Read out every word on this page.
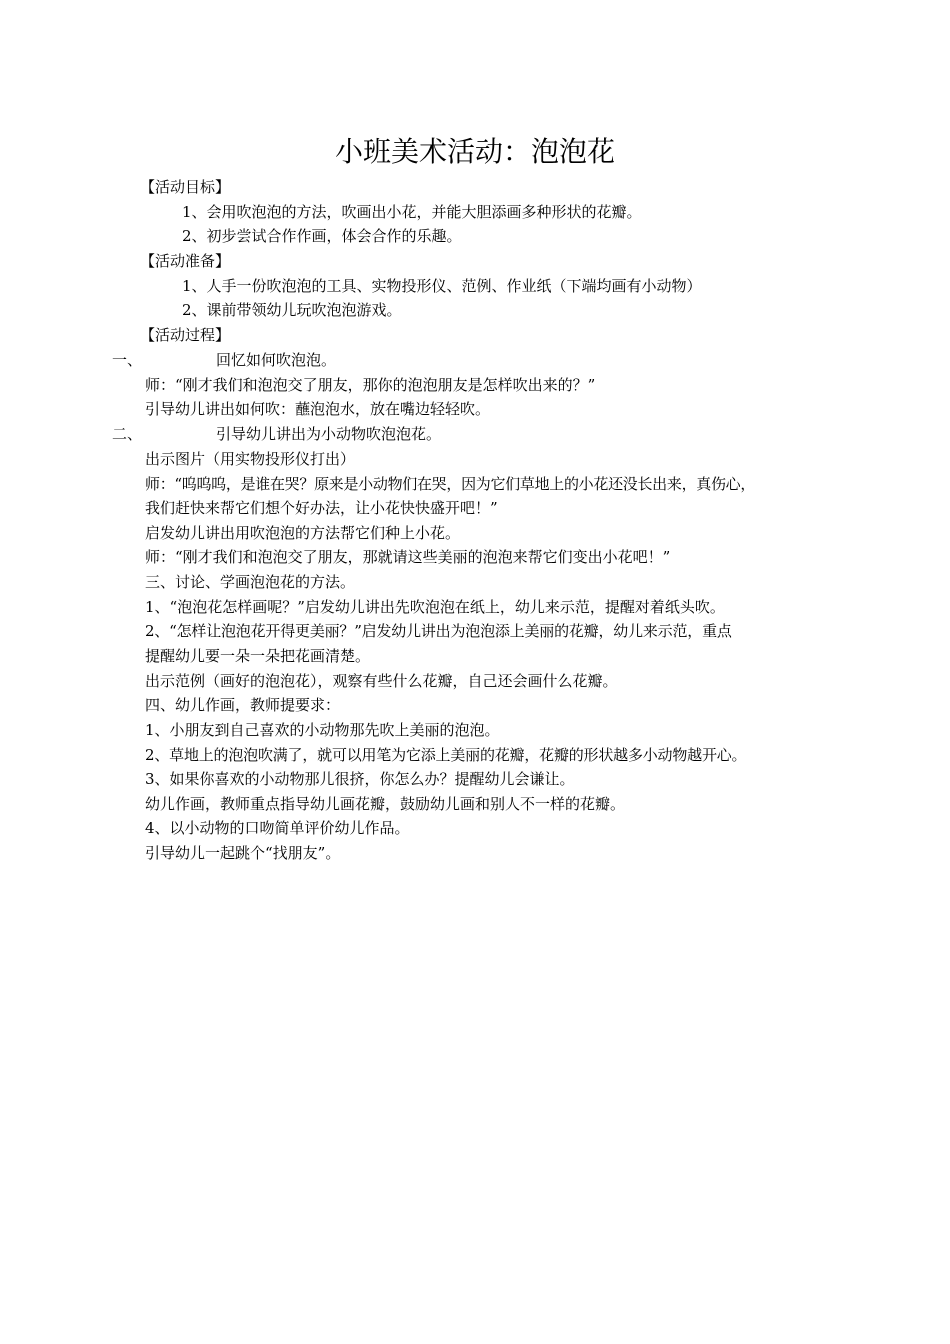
小班美术活动：泡泡花
【活动目标】
1、会用吹泡泡的方法，吹画出小花，并能大胆添画多种形状的花瓣。
2、初步尝试合作作画，体会合作的乐趣。
【活动准备】
1、人手一份吹泡泡的工具、实物投形仪、范例、作业纸（下端均画有小动物）
2、课前带领幼儿玩吹泡泡游戏。
【活动过程】
一、	回忆如何吹泡泡。
师：“刚才我们和泡泡交了朋友，那你的泡泡朋友是怎样吹出来的？”
引导幼儿讲出如何吹：蘸泡泡水，放在嘴边轻轻吹。
二、	引导幼儿讲出为小动物吹泡泡花。
出示图片（用实物投形仪打出）
师：“呜呜呜，是谁在哭？原来是小动物们在哭，因为它们草地上的小花还没长出来，真伤心，
我们赶快来帮它们想个好办法，让小花快快盛开吧！”
启发幼儿讲出用吹泡泡的方法帮它们种上小花。
师：“刚才我们和泡泡交了朋友，那就请这些美丽的泡泡来帮它们变出小花吧！”
三、讨论、学画泡泡花的方法。
1、“泡泡花怎样画呢？”启发幼儿讲出先吹泡泡在纸上，幼儿来示范，提醒对着纸头吹。
2、“怎样让泡泡花开得更美丽？”启发幼儿讲出为泡泡添上美丽的花瓣，幼儿来示范，重点
提醒幼儿要一朵一朵把花画清楚。
出示范例（画好的泡泡花），观察有些什么花瓣，自己还会画什么花瓣。
四、幼儿作画，教师提要求：
1、小朋友到自己喜欢的小动物那先吹上美丽的泡泡。
2、草地上的泡泡吹满了，就可以用笔为它添上美丽的花瓣，花瓣的形状越多小动物越开心。
3、如果你喜欢的小动物那儿很挤，你怎么办？提醒幼儿会谦让。
幼儿作画，教师重点指导幼儿画花瓣，鼓励幼儿画和别人不一样的花瓣。
4、以小动物的口吻简单评价幼儿作品。
引导幼儿一起跳个“找朋友”。
